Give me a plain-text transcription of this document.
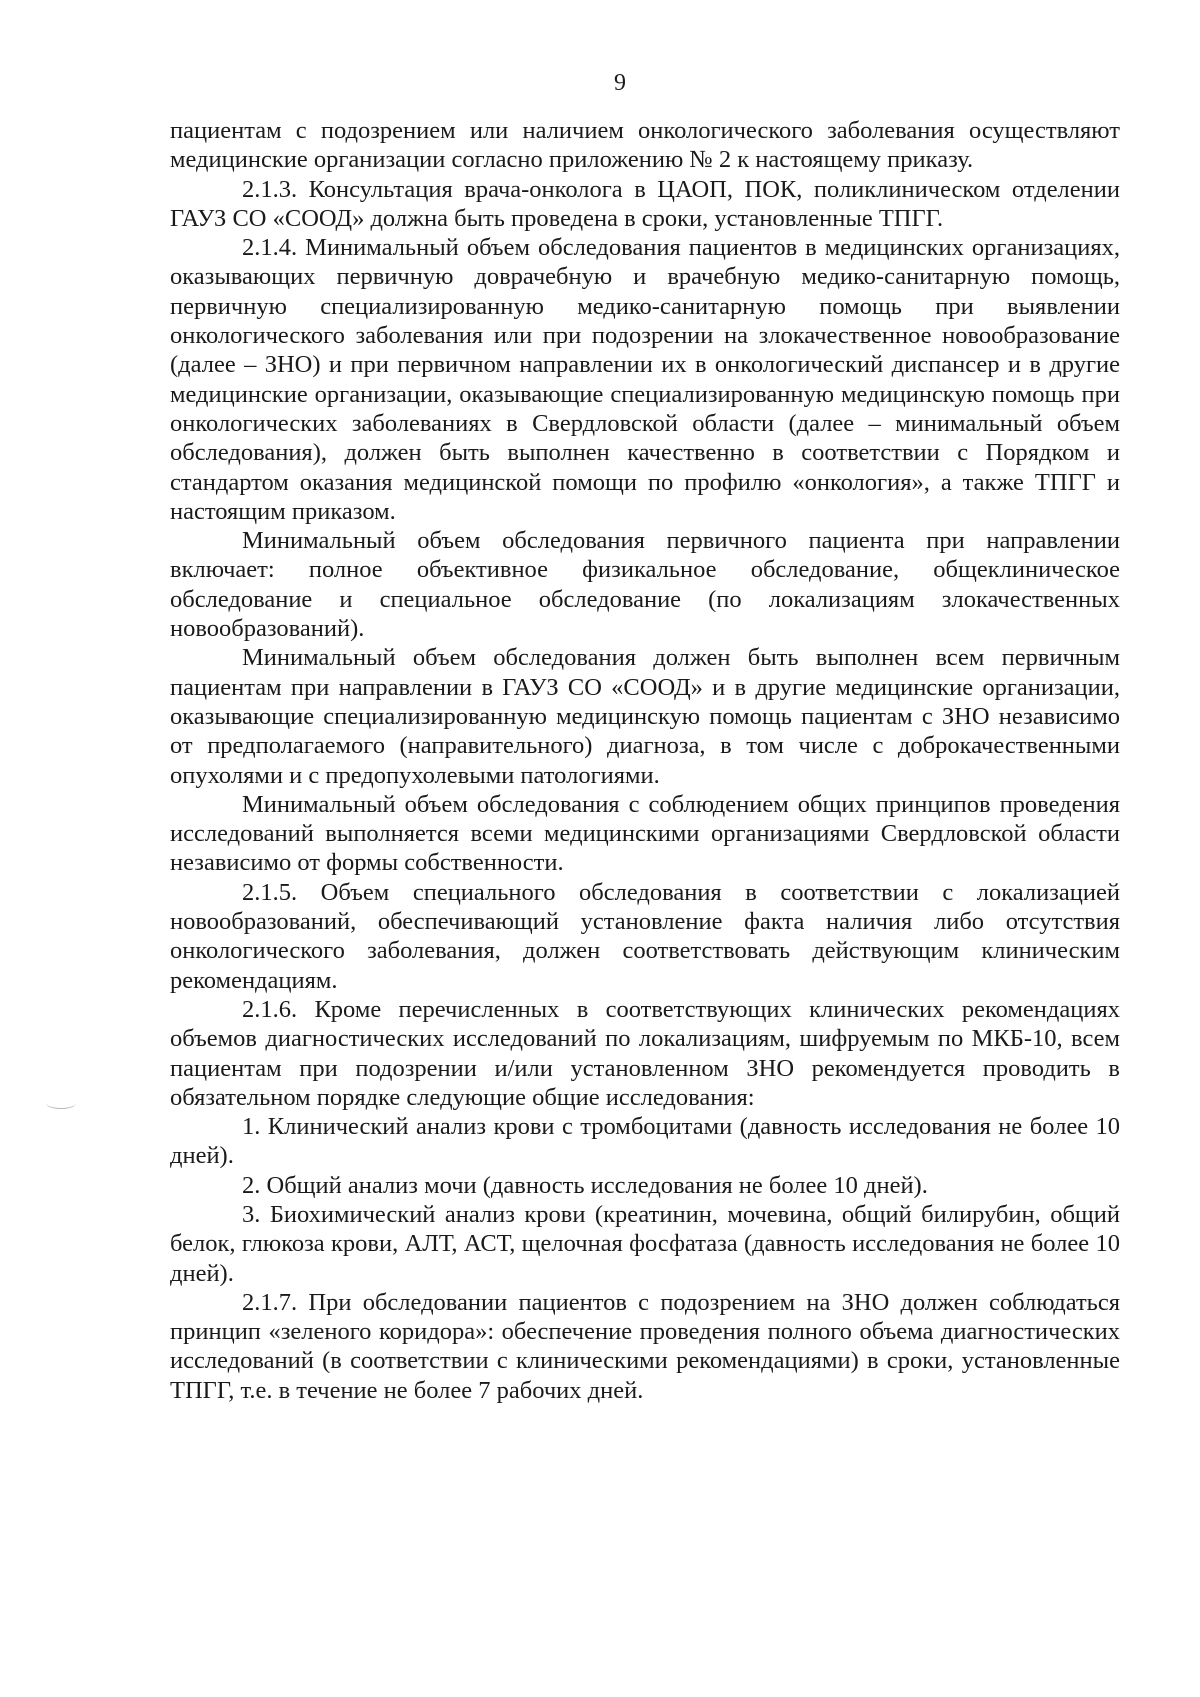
9

пациентам с подозрением или наличием онкологического заболевания осуществляют медицинские организации согласно приложению № 2 к настоящему приказу.

2.1.3. Консультация врача-онколога в ЦАОП, ПОК, поликлиническом отделении ГАУЗ СО «СООД» должна быть проведена в сроки, установленные ТПГГ.

2.1.4. Минимальный объем обследования пациентов в медицинских организациях, оказывающих первичную доврачебную и врачебную медико-санитарную помощь, первичную специализированную медико-санитарную помощь при выявлении онкологического заболевания или при подозрении на злокачественное новообразование (далее – ЗНО) и при первичном направлении их в онкологический диспансер и в другие медицинские организации, оказывающие специализированную медицинскую помощь при онкологических заболеваниях в Свердловской области (далее – минимальный объем обследования), должен быть выполнен качественно в соответствии с Порядком и стандартом оказания медицинской помощи по профилю «онкология», а также ТПГГ и настоящим приказом.

Минимальный объем обследования первичного пациента при направлении включает: полное объективное физикальное обследование, общеклиническое обследование и специальное обследование (по локализациям злокачественных новообразований).

Минимальный объем обследования должен быть выполнен всем первичным пациентам при направлении в ГАУЗ СО «СООД» и в другие медицинские организации, оказывающие специализированную медицинскую помощь пациентам с ЗНО независимо от предполагаемого (направительного) диагноза, в том числе с доброкачественными опухолями и с предопухолевыми патологиями.

Минимальный объем обследования с соблюдением общих принципов проведения исследований выполняется всеми медицинскими организациями Свердловской области независимо от формы собственности.

2.1.5. Объем специального обследования в соответствии с локализацией новообразований, обеспечивающий установление факта наличия либо отсутствия онкологического заболевания, должен соответствовать действующим клиническим рекомендациям.

2.1.6. Кроме перечисленных в соответствующих клинических рекомендациях объемов диагностических исследований по локализациям, шифруемым по МКБ-10, всем пациентам при подозрении и/или установленном ЗНО рекомендуется проводить в обязательном порядке следующие общие исследования:

1. Клинический анализ крови с тромбоцитами (давность исследования не более 10 дней).

2. Общий анализ мочи (давность исследования не более 10 дней).

3. Биохимический анализ крови (креатинин, мочевина, общий билирубин, общий белок, глюкоза крови, АЛТ, АСТ, щелочная фосфатаза (давность исследования не более 10 дней).

2.1.7. При обследовании пациентов с подозрением на ЗНО должен соблюдаться принцип «зеленого коридора»: обеспечение проведения полного объема диагностических исследований (в соответствии с клиническими рекомендациями) в сроки, установленные ТПГГ, т.е. в течение не более 7 рабочих дней.
